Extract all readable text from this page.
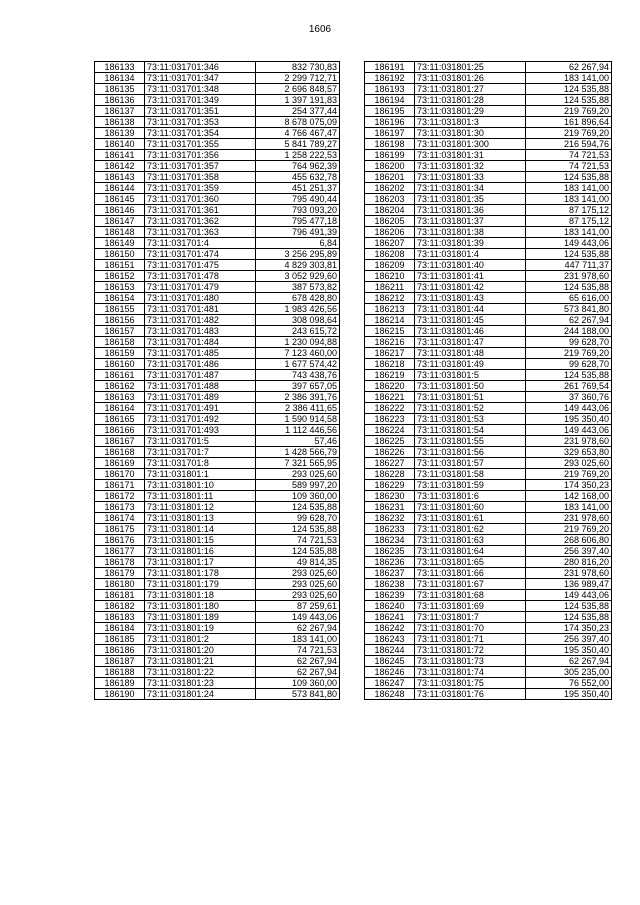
1606
186133	73:11:031701:346	832 730,83
186134	73:11:031701:347	2 299 712,71
186135	73:11:031701:348	2 696 848,57
186136	73:11:031701:349	1 397 191,83
186137	73:11:031701:351	254 377,44
186138	73:11:031701:353	8 678 075,09
186139	73:11:031701:354	4 766 467,47
186140	73:11:031701:355	5 841 789,27
186141	73:11:031701:356	1 258 222,53
186142	73:11:031701:357	764 962,39
186143	73:11:031701:358	455 632,78
186144	73:11:031701:359	451 251,37
186145	73:11:031701:360	795 490,44
186146	73:11:031701:361	793 093,20
186147	73:11:031701:362	795 477,18
186148	73:11:031701:363	796 491,39
186149	73:11:031701:4	6,84
186150	73:11:031701:474	3 256 295,89
186151	73:11:031701:475	4 829 303,81
186152	73:11:031701:478	3 052 929,60
186153	73:11:031701:479	387 573,82
186154	73:11:031701:480	678 428,80
186155	73:11:031701:481	1 983 426,56
186156	73:11:031701:482	308 098,64
186157	73:11:031701:483	243 615,72
186158	73:11:031701:484	1 230 094,88
186159	73:11:031701:485	7 123 460,00
186160	73:11:031701:486	1 677 574,42
186161	73:11:031701:487	743 438,76
186162	73:11:031701:488	397 657,05
186163	73:11:031701:489	2 386 391,76
186164	73:11:031701:491	2 386 411,65
186165	73:11:031701:492	1 590 914,58
186166	73:11:031701:493	1 112 446,56
186167	73:11:031701:5	57,46
186168	73:11:031701:7	1 428 566,79
186169	73:11:031701:8	7 321 565,95
186170	73:11:031801:1	293 025,60
186171	73:11:031801:10	589 997,20
186172	73:11:031801:11	109 360,00
186173	73:11:031801:12	124 535,88
186174	73:11:031801:13	99 628,70
186175	73:11:031801:14	124 535,88
186176	73:11:031801:15	74 721,53
186177	73:11:031801:16	124 535,88
186178	73:11:031801:17	49 814,35
186179	73:11:031801:178	293 025,60
186180	73:11:031801:179	293 025,60
186181	73:11:031801:18	293 025,60
186182	73:11:031801:180	87 259,61
186183	73:11:031801:189	149 443,06
186184	73:11:031801:19	62 267,94
186185	73:11:031801:2	183 141,00
186186	73:11:031801:20	74 721,53
186187	73:11:031801:21	62 267,94
186188	73:11:031801:22	62 267,94
186189	73:11:031801:23	109 360,00
186190	73:11:031801:24	573 841,80
186191	73:11:031801:25	62 267,94
186192	73:11:031801:26	183 141,00
186193	73:11:031801:27	124 535,88
186194	73:11:031801:28	124 535,88
186195	73:11:031801:29	219 769,20
186196	73:11:031801:3	161 896,64
186197	73:11:031801:30	219 769,20
186198	73:11:031801:300	216 594,76
186199	73:11:031801:31	74 721,53
186200	73:11:031801:32	74 721,53
186201	73:11:031801:33	124 535,88
186202	73:11:031801:34	183 141,00
186203	73:11:031801:35	183 141,00
186204	73:11:031801:36	87 175,12
186205	73:11:031801:37	87 175,12
186206	73:11:031801:38	183 141,00
186207	73:11:031801:39	149 443,06
186208	73:11:031801:4	124 535,88
186209	73:11:031801:40	447 711,37
186210	73:11:031801:41	231 978,60
186211	73:11:031801:42	124 535,88
186212	73:11:031801:43	65 616,00
186213	73:11:031801:44	573 841,80
186214	73:11:031801:45	62 267,94
186215	73:11:031801:46	244 188,00
186216	73:11:031801:47	99 628,70
186217	73:11:031801:48	219 769,20
186218	73:11:031801:49	99 628,70
186219	73:11:031801:5	124 535,88
186220	73:11:031801:50	261 769,54
186221	73:11:031801:51	37 360,76
186222	73:11:031801:52	149 443,06
186223	73:11:031801:53	195 350,40
186224	73:11:031801:54	149 443,06
186225	73:11:031801:55	231 978,60
186226	73:11:031801:56	329 653,80
186227	73:11:031801:57	293 025,60
186228	73:11:031801:58	219 769,20
186229	73:11:031801:59	174 350,23
186230	73:11:031801:6	142 168,00
186231	73:11:031801:60	183 141,00
186232	73:11:031801:61	231 978,60
186233	73:11:031801:62	219 769,20
186234	73:11:031801:63	268 606,80
186235	73:11:031801:64	256 397,40
186236	73:11:031801:65	280 816,20
186237	73:11:031801:66	231 978,60
186238	73:11:031801:67	136 989,47
186239	73:11:031801:68	149 443,06
186240	73:11:031801:69	124 535,88
186241	73:11:031801:7	124 535,88
186242	73:11:031801:70	174 350,23
186243	73:11:031801:71	256 397,40
186244	73:11:031801:72	195 350,40
186245	73:11:031801:73	62 267,94
186246	73:11:031801:74	305 235,00
186247	73:11:031801:75	76 552,00
186248	73:11:031801:76	195 350,40
